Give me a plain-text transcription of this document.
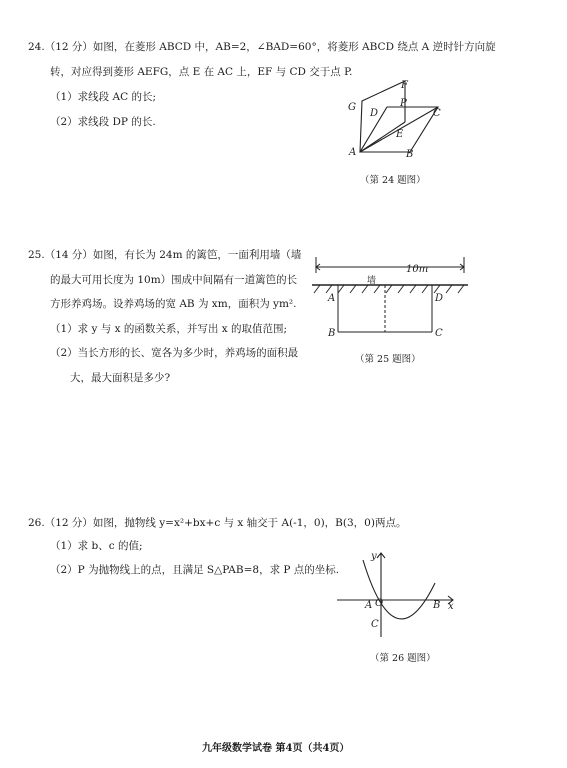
24.（12 分）如图，在菱形 ABCD 中，AB=2，∠BAD=60°，将菱形 ABCD 绕点 A 逆时针方向旋
转，对应得到菱形 AEFG，点 E 在 AC 上，EF 与 CD 交于点 P.
（1）求线段 AC 的长;
（2）求线段 DP 的长.
F
G	P
D	C
E
A	B
（第 24 题图）
25.（14 分）如图，有长为 24m 的篱笆，一面利用墙（墙
的最大可用长度为 10m）围成中间隔有一道篱笆的长
方形养鸡场。设养鸡场的宽 AB 为 xm，面积为 ym².
（1）求 y 与 x 的函数关系，并写出 x 的取值范围;
（2）当长方形的长、宽各为多少时，养鸡场的面积最
大，最大面积是多少?
10m
墙
A
B	C
D
（第 25 题图）
26.（12 分）如图，抛物线 y=x²+bx+c 与 x 轴交于 A(-1，0)，B(3，0)两点。
（1）求 b、c 的值;
（2）P 为抛物线上的点，且满足 S△PAB=8，求 P 点的坐标.
y
x
A O	B
C
（第 26 题图）
九年级数学试卷 第4页（共4页）
